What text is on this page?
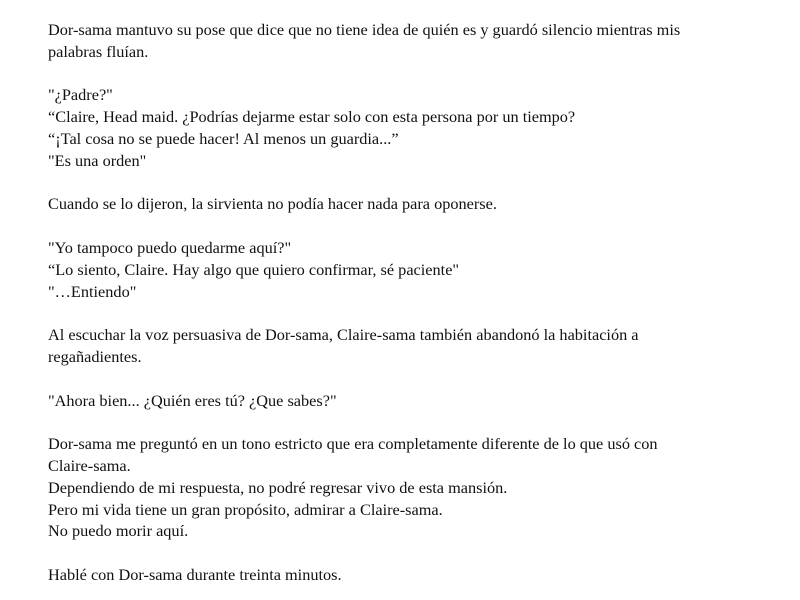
Dor-sama mantuvo su pose que dice que no tiene idea de quién es y guardó silencio mientras mis
palabras fluían.
"¿Padre?"
“Claire, Head maid. ¿Podrías dejarme estar solo con esta persona por un tiempo?
“¡Tal cosa no se puede hacer! Al menos un guardia...”
"Es una orden"
Cuando se lo dijeron, la sirvienta no podía hacer nada para oponerse.
"Yo tampoco puedo quedarme aquí?"
“Lo siento, Claire. Hay algo que quiero confirmar, sé paciente"
"…Entiendo"
Al escuchar la voz persuasiva de Dor-sama, Claire-sama también abandonó la habitación a
regañadientes.
"Ahora bien... ¿Quién eres tú? ¿Que sabes?"
Dor-sama me preguntó en un tono estricto que era completamente diferente de lo que usó con
Claire-sama.
Dependiendo de mi respuesta, no podré regresar vivo de esta mansión.
Pero mi vida tiene un gran propósito, admirar a Claire-sama.
No puedo morir aquí.
Hablé con Dor-sama durante treinta minutos.
